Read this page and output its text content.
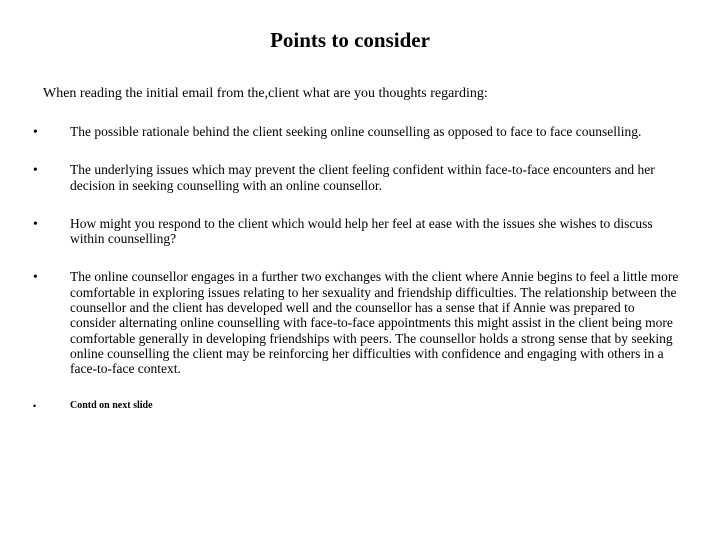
Points to consider

When reading the initial email from the,client what are you thoughts regarding:

•	The possible rationale behind the client seeking online counselling as opposed to face to face counselling.
•	The underlying issues which may prevent the client feeling confident within face-to-face encounters and her decision in seeking counselling with an online counsellor.
•	How might you respond to the client which would help her feel at ease with the issues she wishes to discuss within counselling?
•	The online counsellor engages in a further two exchanges with the client where Annie begins to feel a little more comfortable in exploring issues relating to her sexuality and friendship difficulties. The relationship between the counsellor and the client has developed well and the counsellor has a sense that if Annie was prepared to consider alternating online counselling with face-to-face appointments this might assist in the client being more comfortable generally in developing friendships with peers. The counsellor holds a strong sense that by seeking online counselling the client may be reinforcing her difficulties with confidence and engaging with others in a face-to-face context.
•	Contd on next slide
